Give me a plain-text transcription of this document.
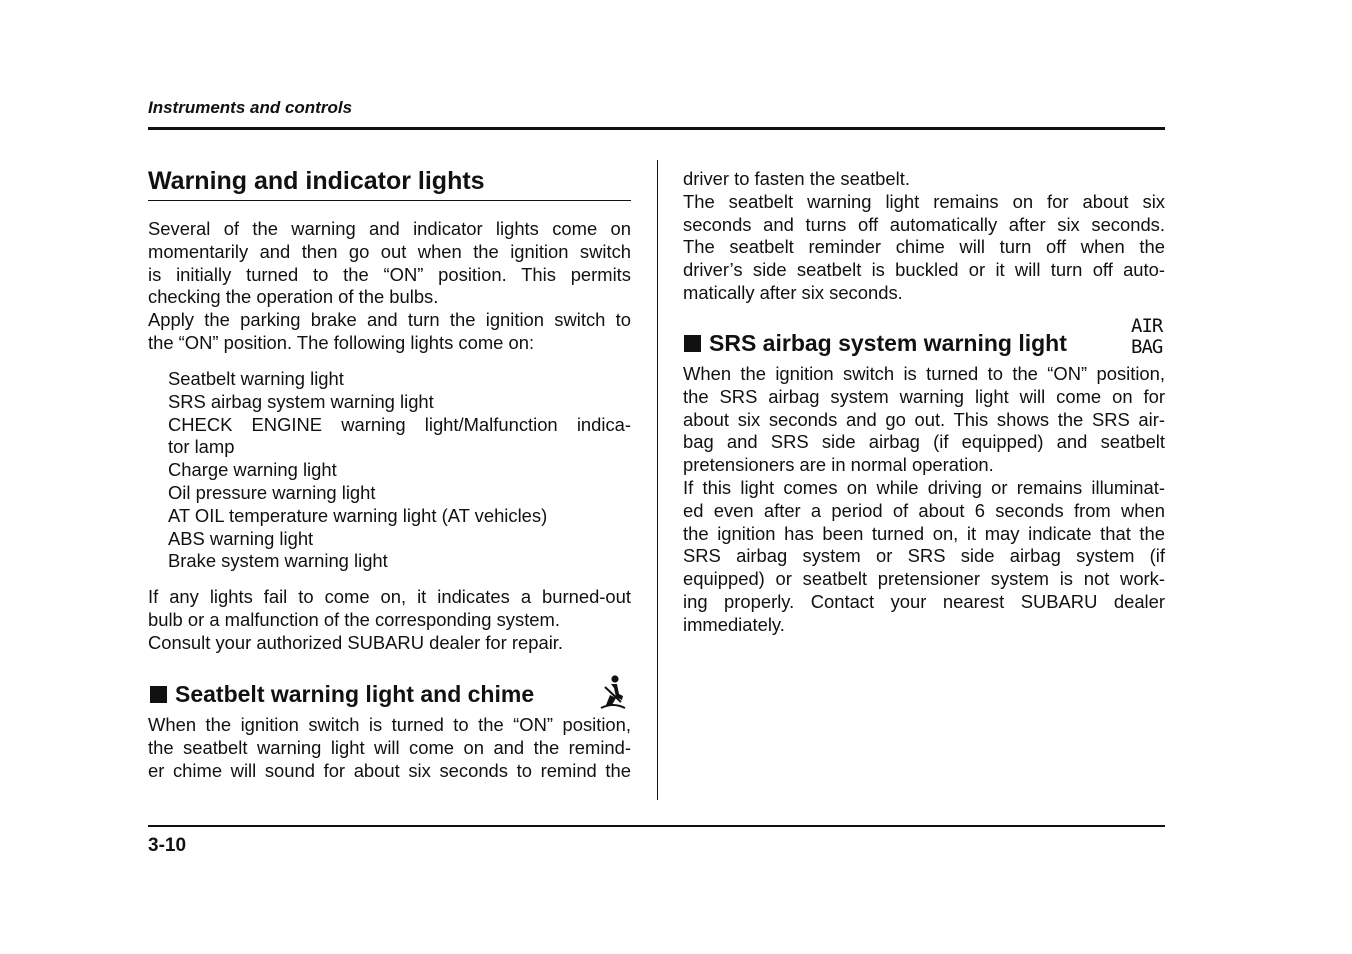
Instruments and controls
Warning and indicator lights
Several of the warning and indicator lights come on
momentarily and then go out when the ignition switch
is initially turned to the “ON” position. This permits
checking the operation of the bulbs.
Apply the parking brake and turn the ignition switch to
the “ON” position. The following lights come on:
Seatbelt warning light
SRS airbag system warning light
CHECK ENGINE warning light/Malfunction indica-
tor lamp
Charge warning light
Oil pressure warning light
AT OIL temperature warning light (AT vehicles)
ABS warning light
Brake system warning light
If any lights fail to come on, it indicates a burned-out
bulb or a malfunction of the corresponding system.
Consult your authorized SUBARU dealer for repair.
Seatbelt warning light and chime
When the ignition switch is turned to the “ON” position,
the seatbelt warning light will come on and the remind-
er chime will sound for about six seconds to remind the
driver to fasten the seatbelt.
The seatbelt warning light remains on for about six
seconds and turns off automatically after six seconds.
The seatbelt reminder chime will turn off when the
driver’s side seatbelt is buckled or it will turn off auto-
matically after six seconds.
SRS airbag system warning light
When the ignition switch is turned to the “ON” position,
the SRS airbag system warning light will come on for
about six seconds and go out. This shows the SRS air-
bag and SRS side airbag (if equipped) and seatbelt
pretensioners are in normal operation.
If this light comes on while driving or remains illuminat-
ed even after a period of about 6 seconds from when
the ignition has been turned on, it may indicate that the
SRS airbag system or SRS side airbag system (if
equipped) or seatbelt pretensioner system is not work-
ing properly. Contact your nearest SUBARU dealer
immediately.
AIR
BAG
3-10
